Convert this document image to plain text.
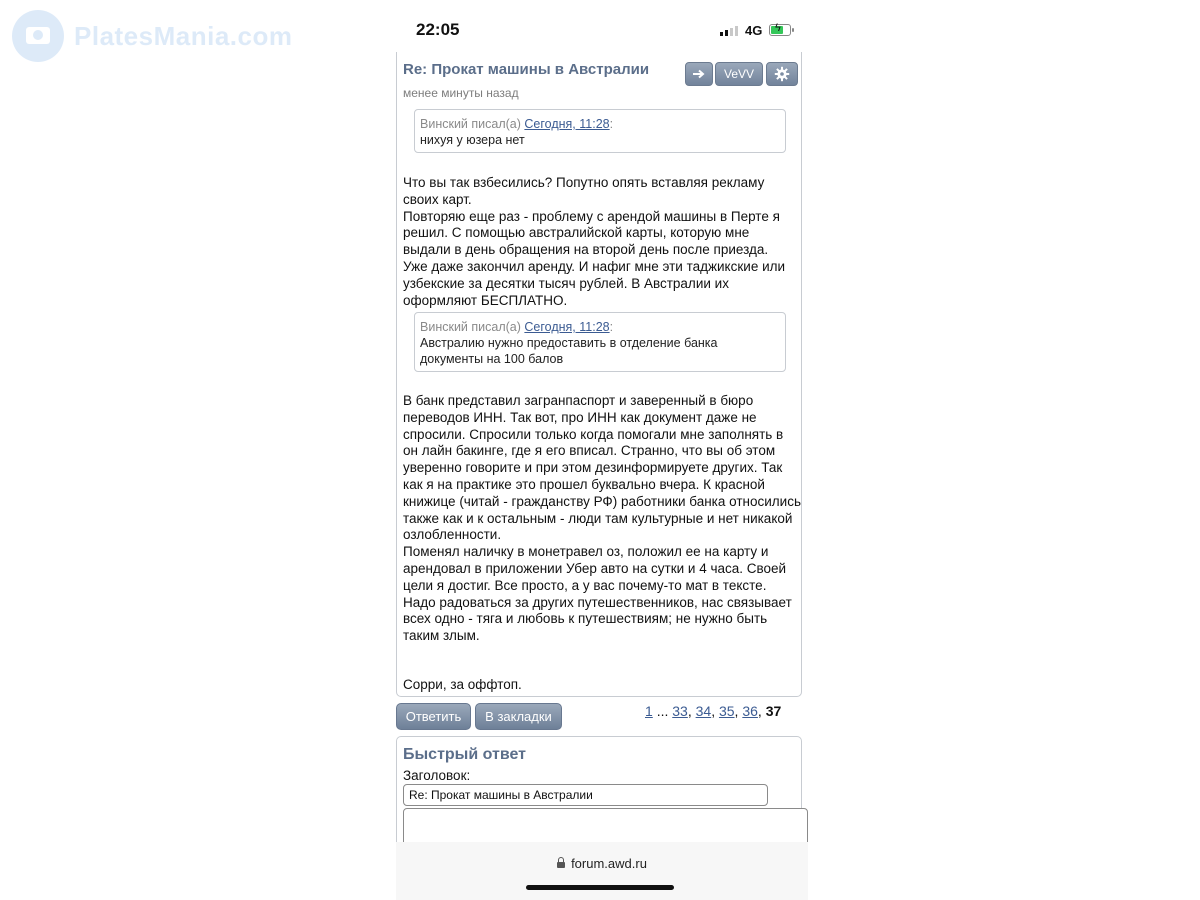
PlatesMania.com	22:05	4G ϟ
Re: Прокат машины в Австралии
менее минуты назад
VeVV
Винский писал(а) Сегодня, 11:28:
нихуя у юзера нет
Что вы так взбесились? Попутно опять вставляя рекламу своих карт.
Повторяю еще раз - проблему с арендой машины в Перте я решил. С помощью австралийской карты, которую мне выдали в день обращения на второй день после приезда. Уже даже закончил аренду. И нафиг мне эти таджикские или узбекские за десятки тысяч рублей. В Австралии их оформляют БЕСПЛАТНО.
Винский писал(а) Сегодня, 11:28:
Австралию нужно предоставить в отделение банка документы на 100 балов
В банк представил загранпаспорт и заверенный в бюро переводов ИНН. Так вот, про ИНН как документ даже не спросили. Спросили только когда помогали мне заполнять в он лайн бакинге, где я его вписал. Странно, что вы об этом уверенно говорите и при этом дезинформируете других. Так как я на практике это прошел буквально вчера. К красной книжице (читай - гражданству РФ) работники банка относились также как и к остальным - люди там культурные и нет никакой озлобленности.
Поменял наличку в монетравел оз, положил ее на карту и арендовал в приложении Убер авто на сутки и 4 часа. Своей цели я достиг. Все просто, а у вас почему-то мат в тексте. Надо радоваться за других путешественников, нас связывает всех одно - тяга и любовь к путешествиям; не нужно быть таким злым.
Сорри, за оффтоп.
Ответить	В закладки	1 ... 33, 34, 35, 36, 37
Быстрый ответ
Заголовок:
Re: Прокат машины в Австралии
forum.awd.ru
